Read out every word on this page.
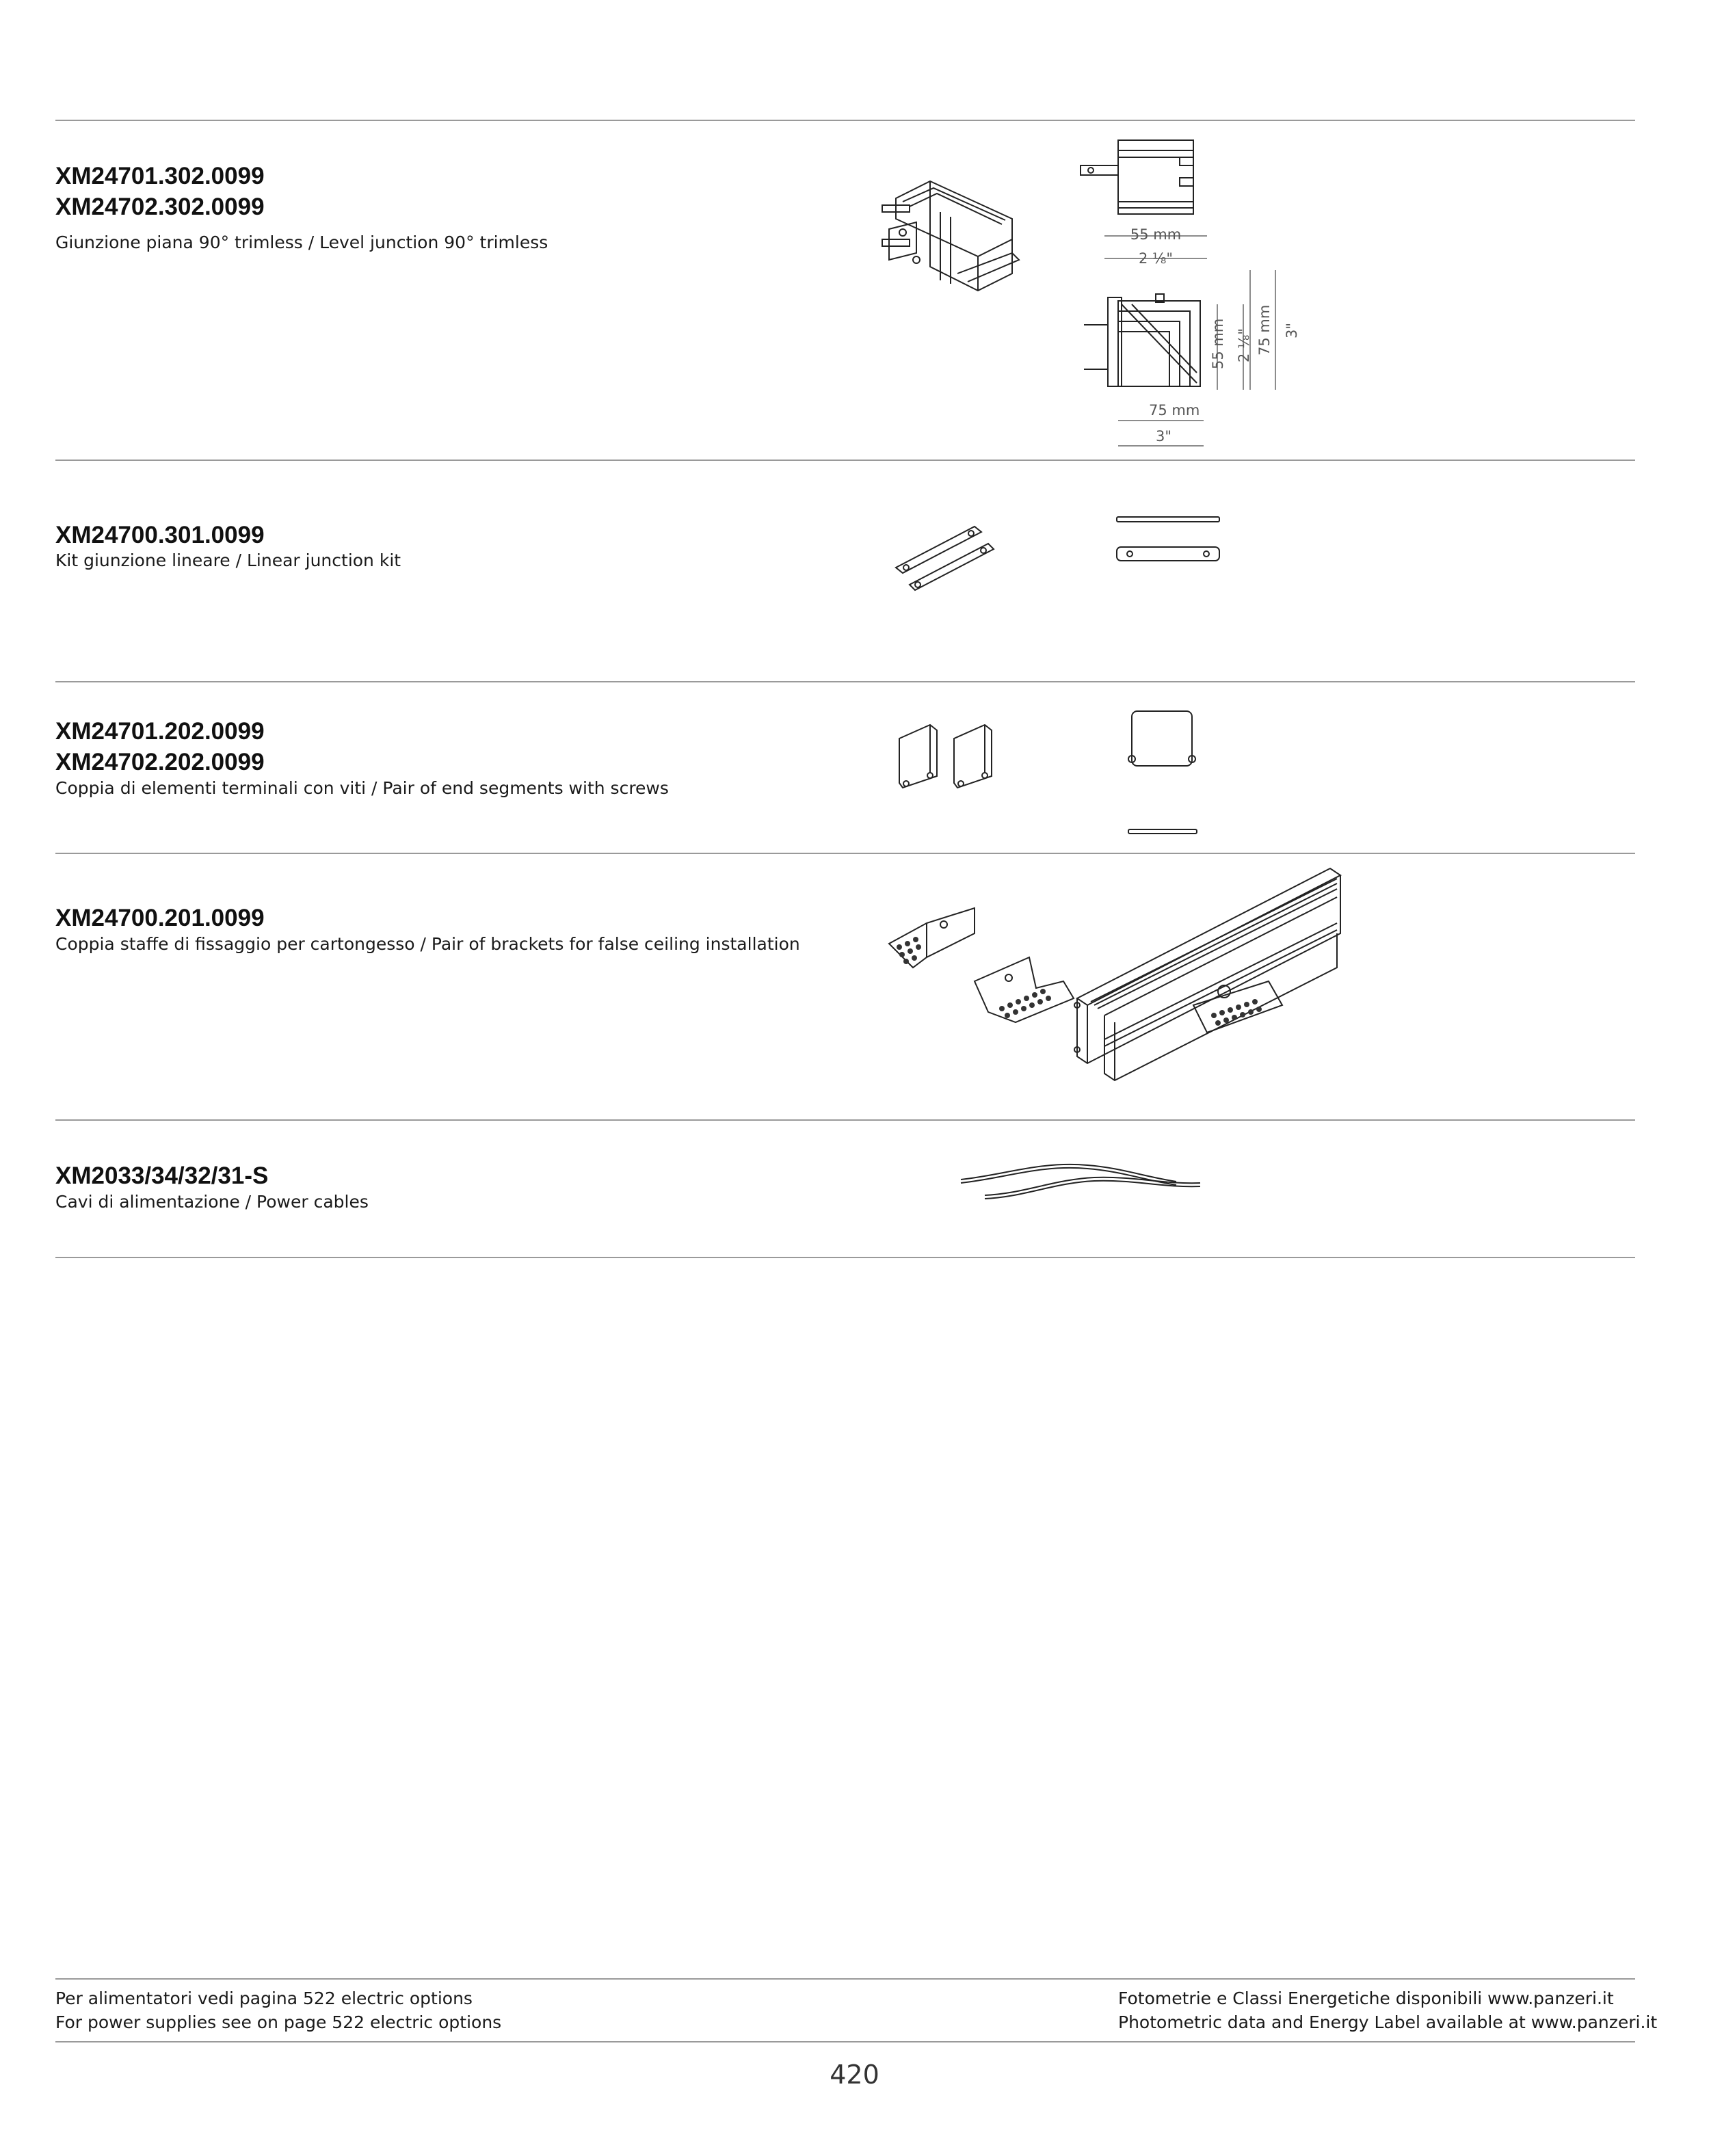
XM24701.302.0099
XM24702.302.0099
Giunzione piana 90° trimless / Level junction 90° trimless	55 mm
2 ⅛"
55 mm 2 ⅛" 75 mm 3"
75 mm
3"
XM24700.301.0099
Kit giunzione lineare / Linear junction kit
XM24701.202.0099
XM24702.202.0099
Coppia di elementi terminali con viti / Pair of end segments with screws
XM24700.201.0099
Coppia staffe di fissaggio per cartongesso / Pair of brackets for false ceiling installation
XM2033/34/32/31-S
Cavi di alimentazione / Power cables
Per alimentatori vedi pagina 522 electric options
For power supplies see on page 522 electric options
Fotometrie e Classi Energetiche disponibili www.panzeri.it
Photometric data and Energy Label available at www.panzeri.it
420
